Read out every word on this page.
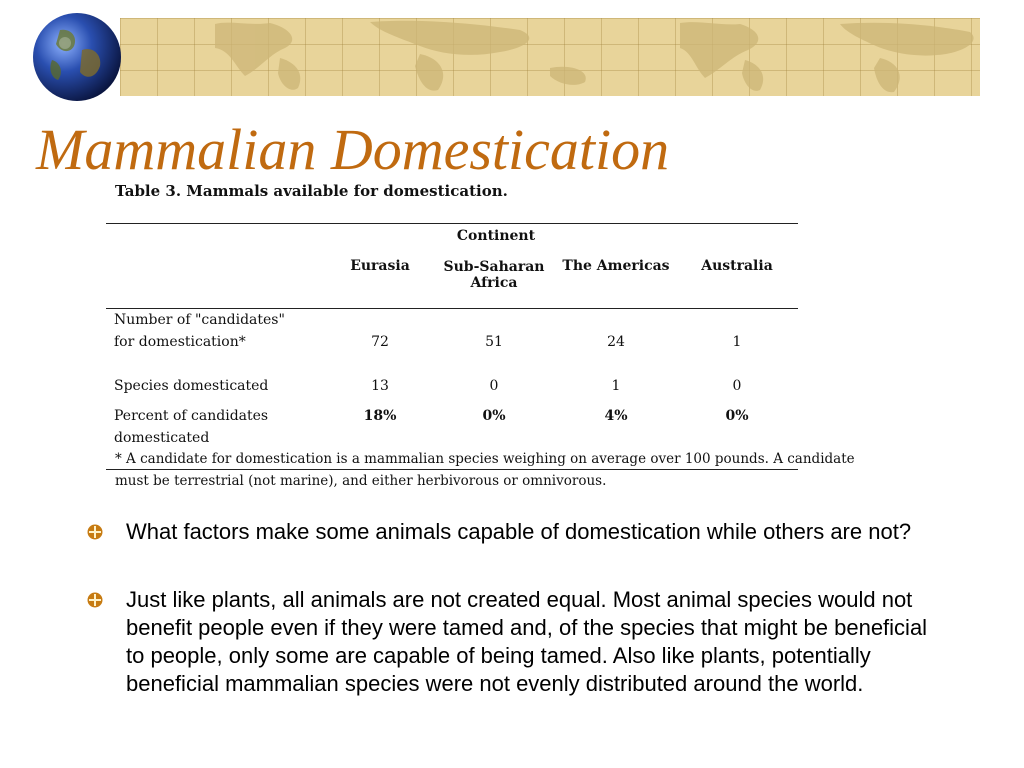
Mammalian Domestication
Table 3. Mammals available for domestication.
Continent
	Eurasia	Sub-Saharan Africa	The Americas	Australia
Number of "candidates"
for domestication*	72	51	24	1
Species domesticated	13	0	1	0
Percent of candidates
domesticated	18%	0%	4%	0%
* A candidate for domestication is a mammalian species weighing on average over 100 pounds. A candidate must be terrestrial (not marine), and either herbivorous or omnivorous.
What factors make some animals capable of domestication while others are not?
Just like plants, all animals are not created equal. Most animal species would not benefit people even if they were tamed and, of the species that might be beneficial to people, only some are capable of being tamed. Also like plants, potentially beneficial mammalian species were not evenly distributed around the world.
